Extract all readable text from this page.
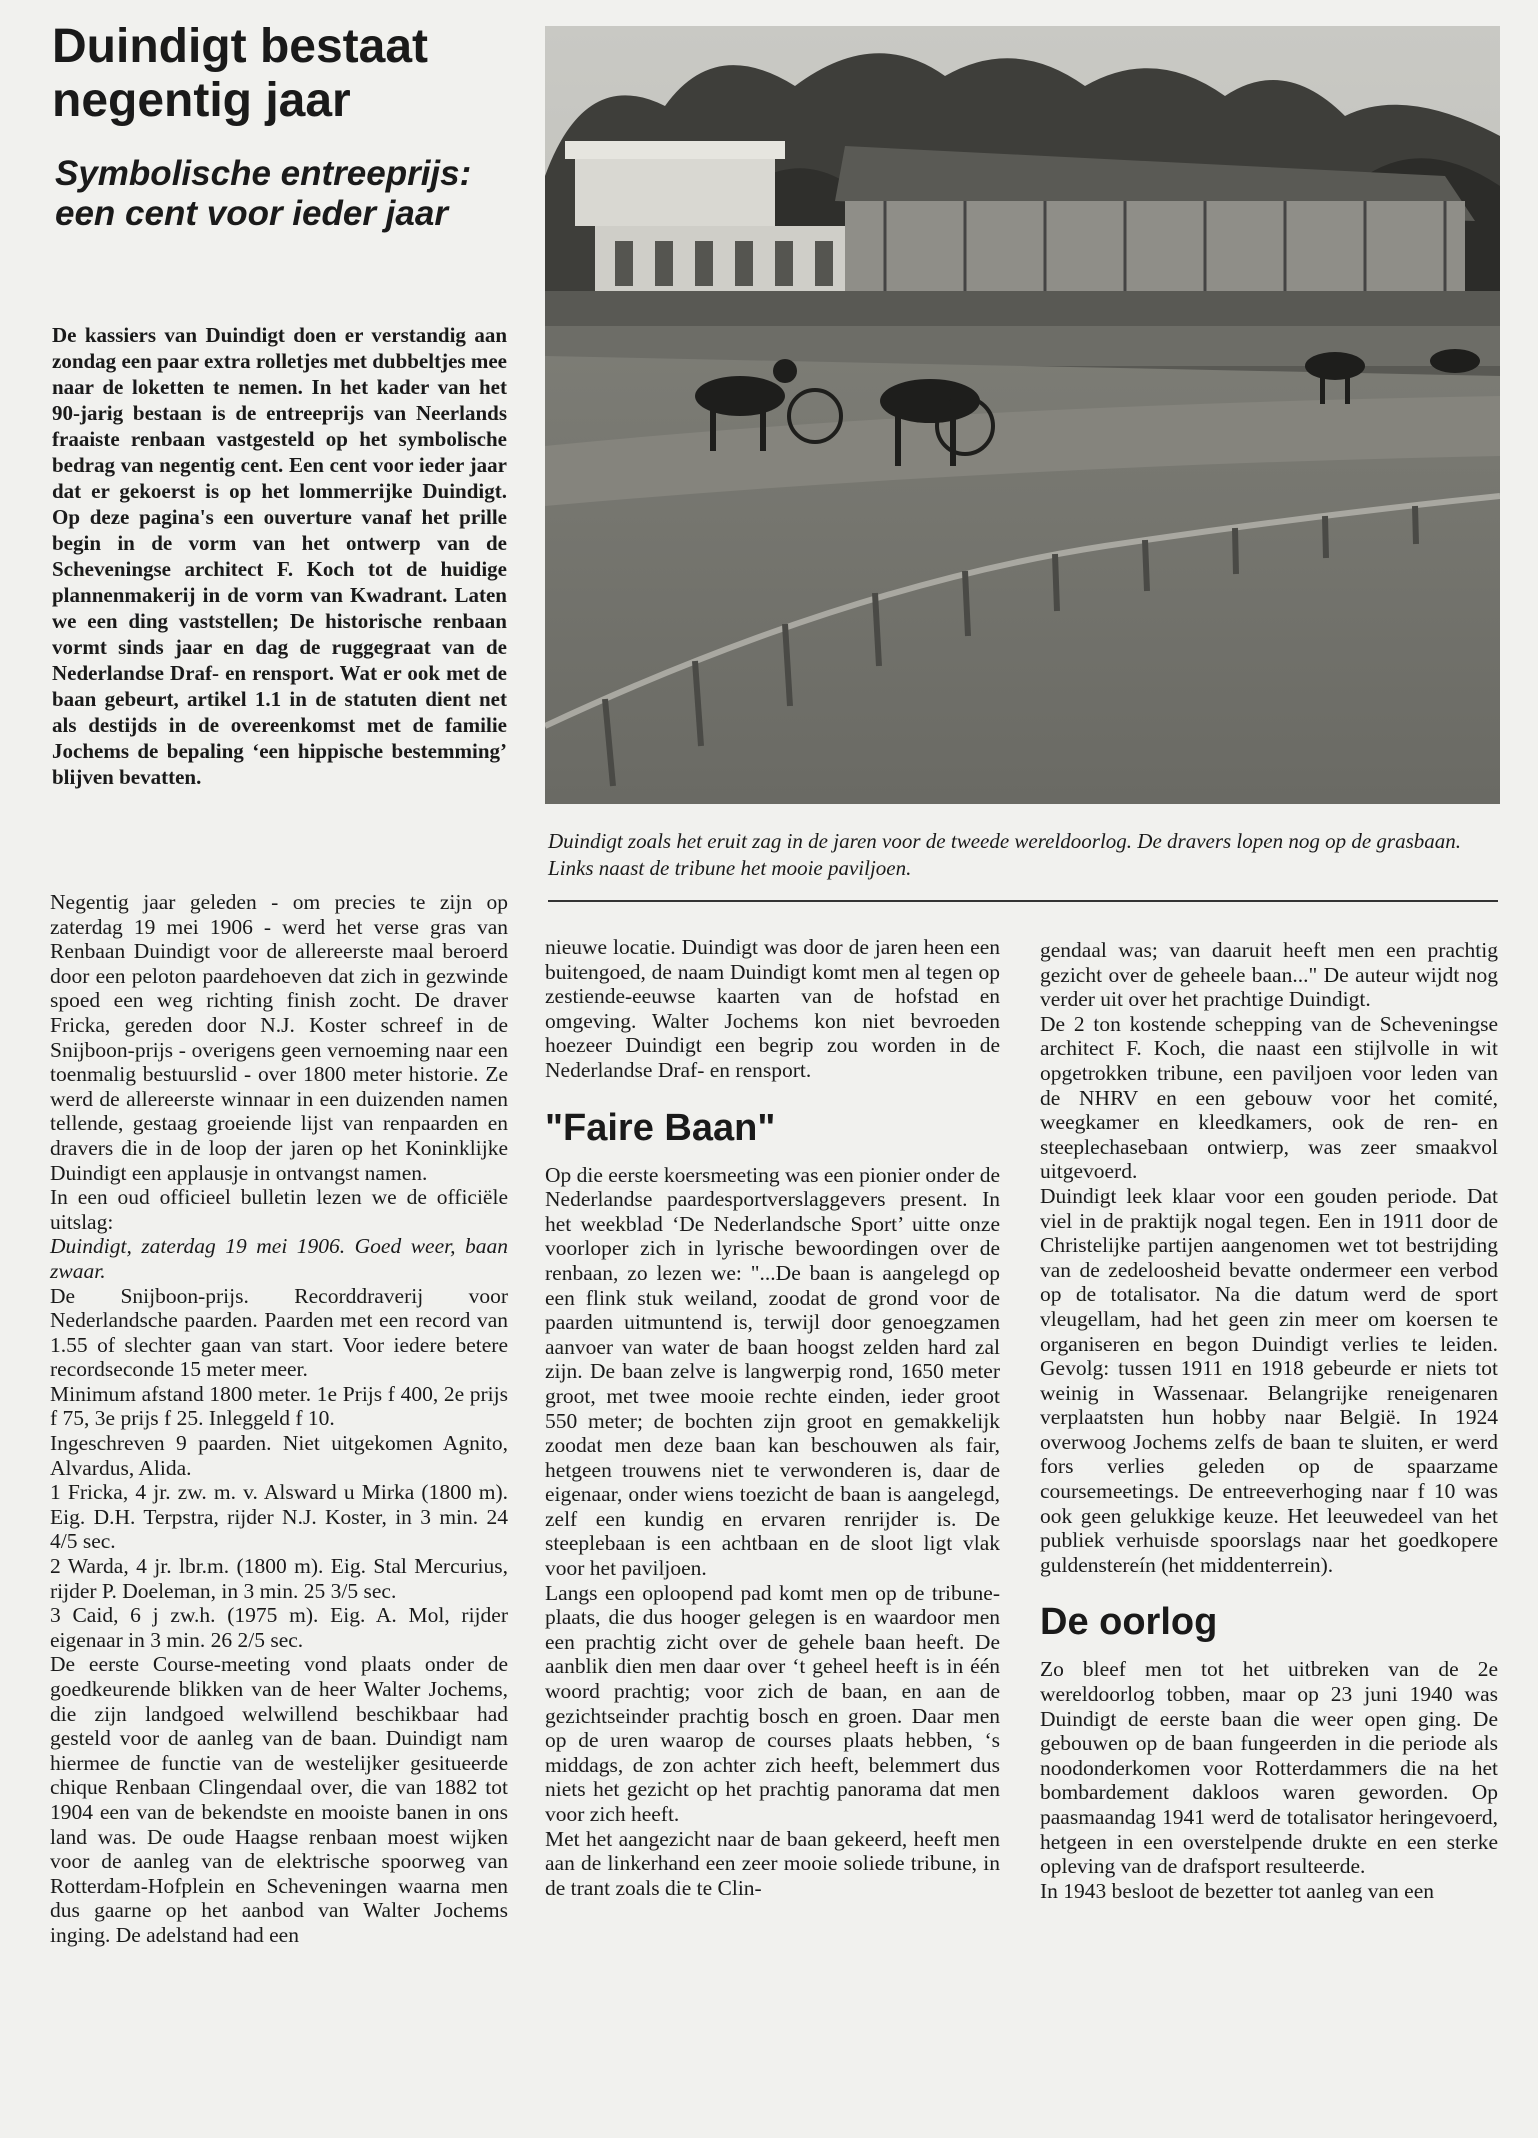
Duindigt bestaat negentig jaar
Symbolische entreeprijs: een cent voor ieder jaar

De kassiers van Duindigt doen er verstandig aan zondag een paar extra rolletjes met dubbeltjes mee naar de loketten te nemen. In het kader van het 90-jarig bestaan is de entreeprijs van Neerlands fraaiste renbaan vastgesteld op het symbolische bedrag van negentig cent. Een cent voor ieder jaar dat er gekoerst is op het lommerrijke Duindigt. Op deze pagina's een ouverture vanaf het prille begin in de vorm van het ontwerp van de Scheveningse architect F. Koch tot de huidige plannenmakerij in de vorm van Kwadrant. Laten we een ding vaststellen; De historische renbaan vormt sinds jaar en dag de ruggegraat van de Nederlandse Draf- en rensport. Wat er ook met de baan gebeurt, artikel 1.1 in de statuten dient net als destijds in de overeenkomst met de familie Jochems de bepaling ‘een hippische bestemming’ blijven bevatten.

Duindigt zoals het eruit zag in de jaren voor de tweede wereldoorlog. De dravers lopen nog op de grasbaan. Links naast de tribune het mooie paviljoen.

Negentig jaar geleden - om precies te zijn op zaterdag 19 mei 1906 - werd het verse gras van Renbaan Duindigt voor de allereerste maal beroerd door een peloton paardehoeven dat zich in gezwinde spoed een weg richting finish zocht. De draver Fricka, gereden door N.J. Koster schreef in de Snijboon-prijs - overigens geen vernoeming naar een toenmalig bestuurslid - over 1800 meter historie. Ze werd de allereerste winnaar in een duizenden namen tellende, gestaag groeiende lijst van renpaarden en dravers die in de loop der jaren op het Koninklijke Duindigt een applausje in ontvangst namen.

In een oud officieel bulletin lezen we de officiële uitslag:

Duindigt, zaterdag 19 mei 1906. Goed weer, baan zwaar.

De Snijboon-prijs. Recorddraverij voor Nederlandsche paarden. Paarden met een record van 1.55 of slechter gaan van start. Voor iedere betere recordseconde 15 meter meer.

Minimum afstand 1800 meter. 1e Prijs f 400, 2e prijs f 75, 3e prijs f 25. Inleggeld f 10.

Ingeschreven 9 paarden. Niet uitgekomen Agnito, Alvardus, Alida.

1 Fricka, 4 jr. zw. m. v. Alsward u Mirka (1800 m). Eig. D.H. Terpstra, rijder N.J. Koster, in 3 min. 24 4/5 sec.

2 Warda, 4 jr. lbr.m. (1800 m). Eig. Stal Mercurius, rijder P. Doeleman, in 3 min. 25 3/5 sec.

3 Caid, 6 j zw.h. (1975 m). Eig. A. Mol, rijder eigenaar in 3 min. 26 2/5 sec.

De eerste Course-meeting vond plaats onder de goedkeurende blikken van de heer Walter Jochems, die zijn landgoed welwillend beschikbaar had gesteld voor de aanleg van de baan. Duindigt nam hiermee de functie van de westelijker gesitueerde chique Renbaan Clingendaal over, die van 1882 tot 1904 een van de bekendste en mooiste banen in ons land was. De oude Haagse renbaan moest wijken voor de aanleg van de elektrische spoorweg van Rotterdam-Hofplein en Scheveningen waarna men dus gaarne op het aanbod van Walter Jochems inging. De adelstand had een

nieuwe locatie. Duindigt was door de jaren heen een buitengoed, de naam Duindigt komt men al tegen op zestiende-eeuwse kaarten van de hofstad en omgeving. Walter Jochems kon niet bevroeden hoezeer Duindigt een begrip zou worden in de Nederlandse Draf- en rensport.

"Faire Baan"

Op die eerste koersmeeting was een pionier onder de Nederlandse paardesportverslaggevers present. In het weekblad ‘De Nederlandsche Sport’ uitte onze voorloper zich in lyrische bewoordingen over de renbaan, zo lezen we: "...De baan is aangelegd op een flink stuk weiland, zoodat de grond voor de paarden uitmuntend is, terwijl door genoegzamen aanvoer van water de baan hoogst zelden hard zal zijn. De baan zelve is langwerpig rond, 1650 meter groot, met twee mooie rechte einden, ieder groot 550 meter; de bochten zijn groot en gemakkelijk zoodat men deze baan kan beschouwen als fair, hetgeen trouwens niet te verwonderen is, daar de eigenaar, onder wiens toezicht de baan is aangelegd, zelf een kundig en ervaren renrijder is. De steeplebaan is een achtbaan en de sloot ligt vlak voor het paviljoen.

Langs een oploopend pad komt men op de tribune-plaats, die dus hooger gelegen is en waardoor men een prachtig zicht over de gehele baan heeft. De aanblik dien men daar over ‘t geheel heeft is in één woord prachtig; voor zich de baan, en aan de gezichtseinder prachtig bosch en groen. Daar men op de uren waarop de courses plaats hebben, ‘s middags, de zon achter zich heeft, belemmert dus niets het gezicht op het prachtig panorama dat men voor zich heeft.

Met het aangezicht naar de baan gekeerd, heeft men aan de linkerhand een zeer mooie soliede tribune, in de trant zoals die te Clin-

gendaal was; van daaruit heeft men een prachtig gezicht over de geheele baan..." De auteur wijdt nog verder uit over het prachtige Duindigt.

De 2 ton kostende schepping van de Scheveningse architect F. Koch, die naast een stijlvolle in wit opgetrokken tribune, een paviljoen voor leden van de NHRV en een gebouw voor het comité, weegkamer en kleedkamers, ook de ren- en steeplechasebaan ontwierp, was zeer smaakvol uitgevoerd.

Duindigt leek klaar voor een gouden periode. Dat viel in de praktijk nogal tegen. Een in 1911 door de Christelijke partijen aangenomen wet tot bestrijding van de zedeloosheid bevatte ondermeer een verbod op de totalisator. Na die datum werd de sport vleugellam, had het geen zin meer om koersen te organiseren en begon Duindigt verlies te leiden. Gevolg: tussen 1911 en 1918 gebeurde er niets tot weinig in Wassenaar. Belangrijke reneigenaren verplaatsten hun hobby naar België. In 1924 overwoog Jochems zelfs de baan te sluiten, er werd fors verlies geleden op de spaarzame coursemeetings. De entreeverhoging naar f 10 was ook geen gelukkige keuze. Het leeuwedeel van het publiek verhuisde spoorslags naar het goedkopere guldenstereín (het middenterrein).

De oorlog

Zo bleef men tot het uitbreken van de 2e wereldoorlog tobben, maar op 23 juni 1940 was Duindigt de eerste baan die weer open ging. De gebouwen op de baan fungeerden in die periode als noodonderkomen voor Rotterdammers die na het bombardement dakloos waren geworden. Op paasmaandag 1941 werd de totalisator heringevoerd, hetgeen in een overstelpende drukte en een sterke opleving van de drafsport resulteerde.

In 1943 besloot de bezetter tot aanleg van een
